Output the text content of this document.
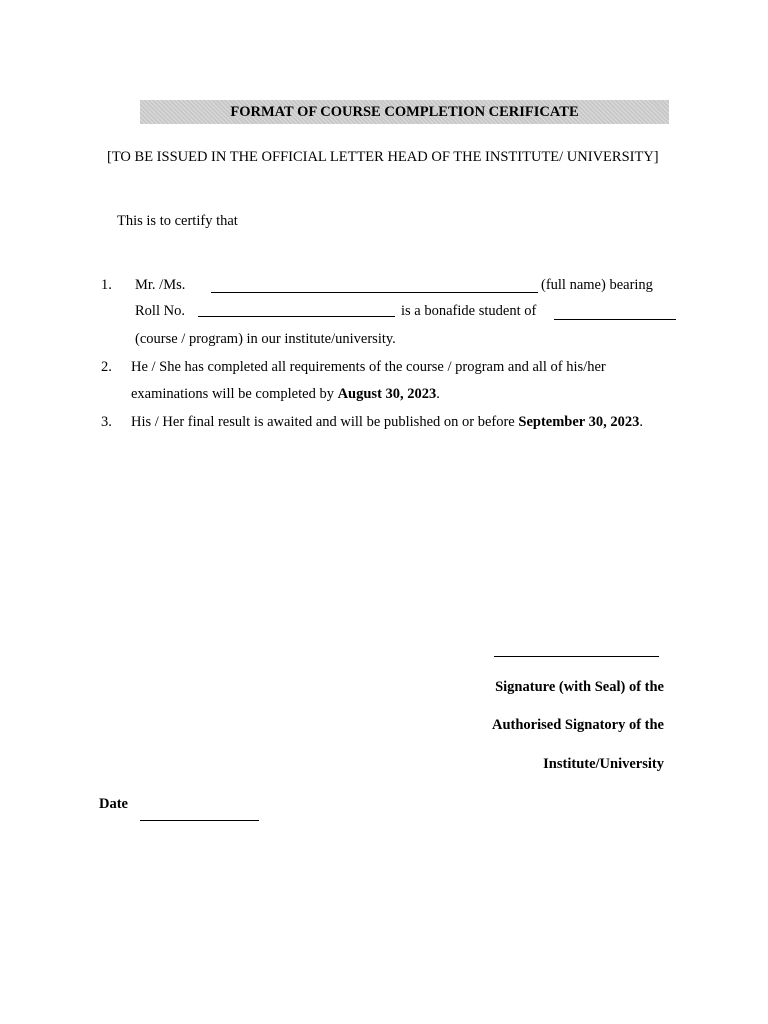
FORMAT OF COURSE COMPLETION CERIFICATE
[TO BE ISSUED IN THE OFFICIAL LETTER HEAD OF THE INSTITUTE/ UNIVERSITY]
This is to certify that
1. Mr. /Ms.	(full name) bearing
Roll No.	is a bonafide student of
(course / program) in our institute/university.
2. He / She has completed all requirements of the course / program and all of his/her
examinations will be completed by August 30, 2023.
3. His / Her final result is awaited and will be published on or before September 30, 2023.
Signature (with Seal) of the
Authorised Signatory of the
Institute/University
Date
